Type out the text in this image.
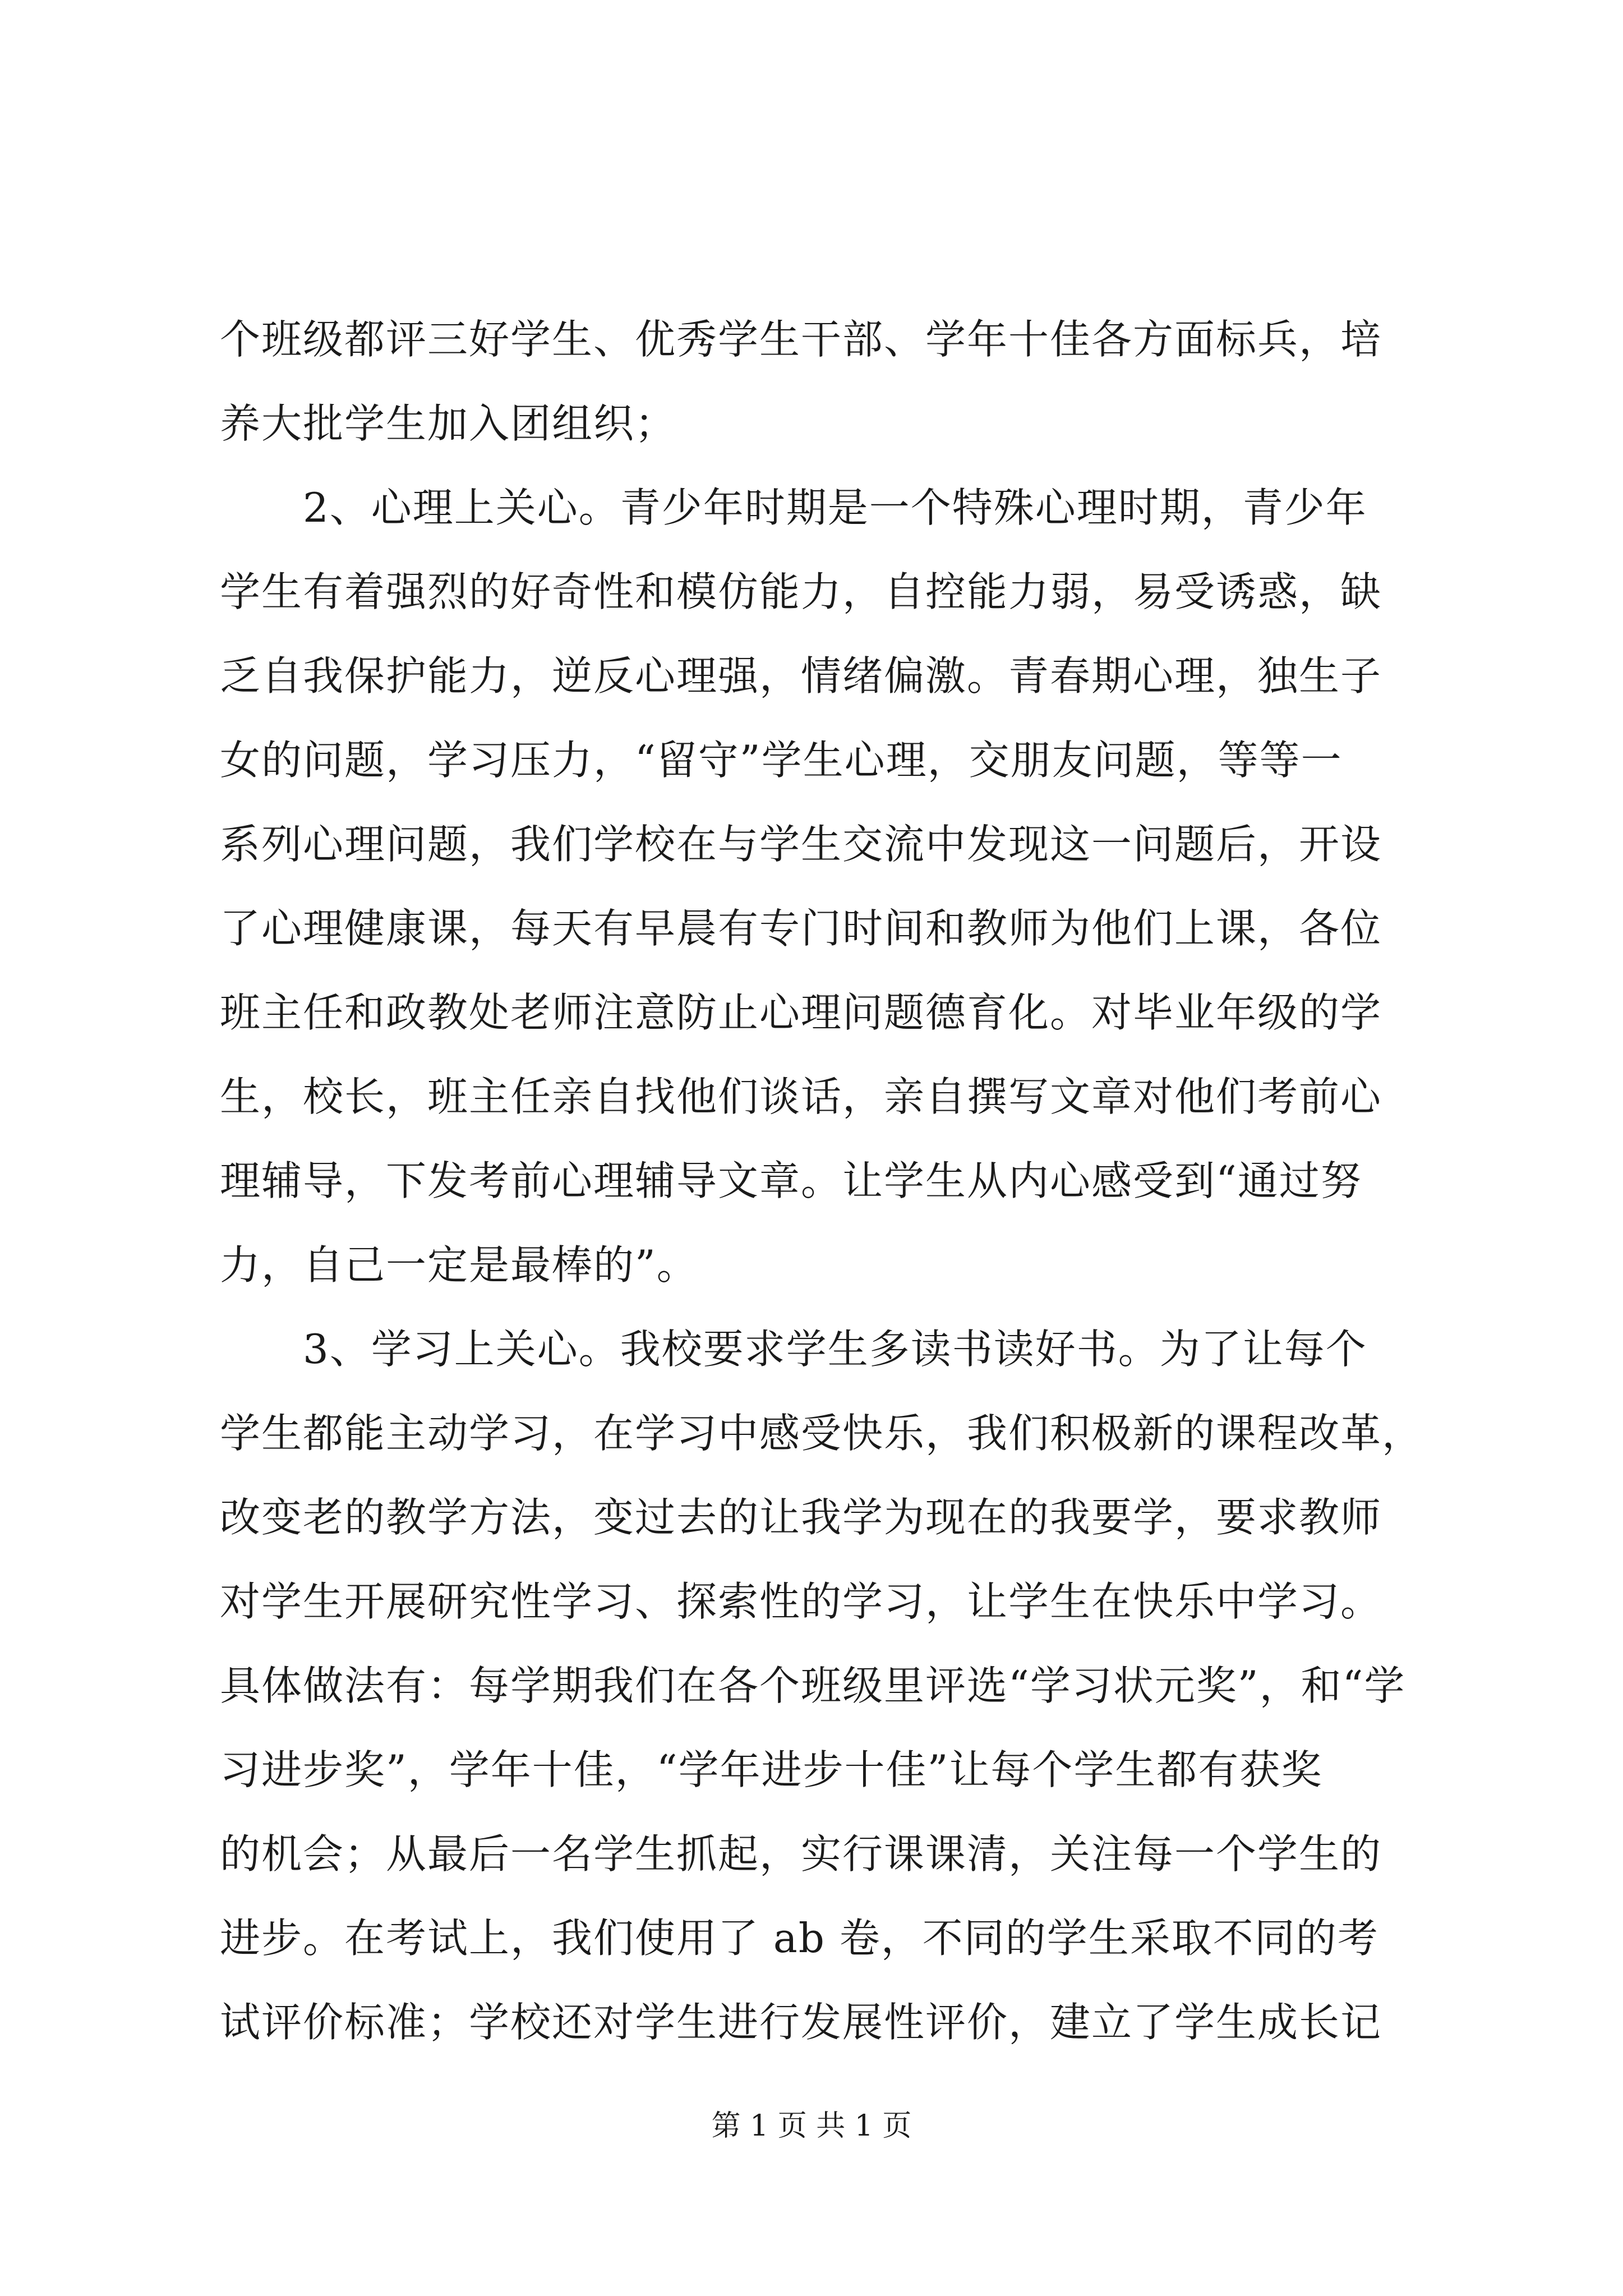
个班级都评三好学生、优秀学生干部、学年十佳各方面标兵，培
养大批学生加入团组织；
2、心理上关心。青少年时期是一个特殊心理时期，青少年
学生有着强烈的好奇性和模仿能力，自控能力弱，易受诱惑，缺
乏自我保护能力，逆反心理强，情绪偏激。青春期心理，独生子
女的问题，学习压力，“留守”学生心理，交朋友问题，等等一
系列心理问题，我们学校在与学生交流中发现这一问题后，开设
了心理健康课，每天有早晨有专门时间和教师为他们上课，各位
班主任和政教处老师注意防止心理问题德育化。对毕业年级的学
生，校长，班主任亲自找他们谈话，亲自撰写文章对他们考前心
理辅导，下发考前心理辅导文章。让学生从内心感受到“通过努
力，自己一定是最棒的”。
3、学习上关心。我校要求学生多读书读好书。为了让每个
学生都能主动学习，在学习中感受快乐，我们积极新的课程改革，
改变老的教学方法，变过去的让我学为现在的我要学，要求教师
对学生开展研究性学习、探索性的学习，让学生在快乐中学习。
具体做法有：每学期我们在各个班级里评选“学习状元奖”，和“学
习进步奖”，学年十佳，“学年进步十佳”让每个学生都有获奖
的机会；从最后一名学生抓起，实行课课清，关注每一个学生的
进步。在考试上，我们使用了 ab 卷，不同的学生采取不同的考
试评价标准；学校还对学生进行发展性评价，建立了学生成长记
第 1 页 共 1 页
